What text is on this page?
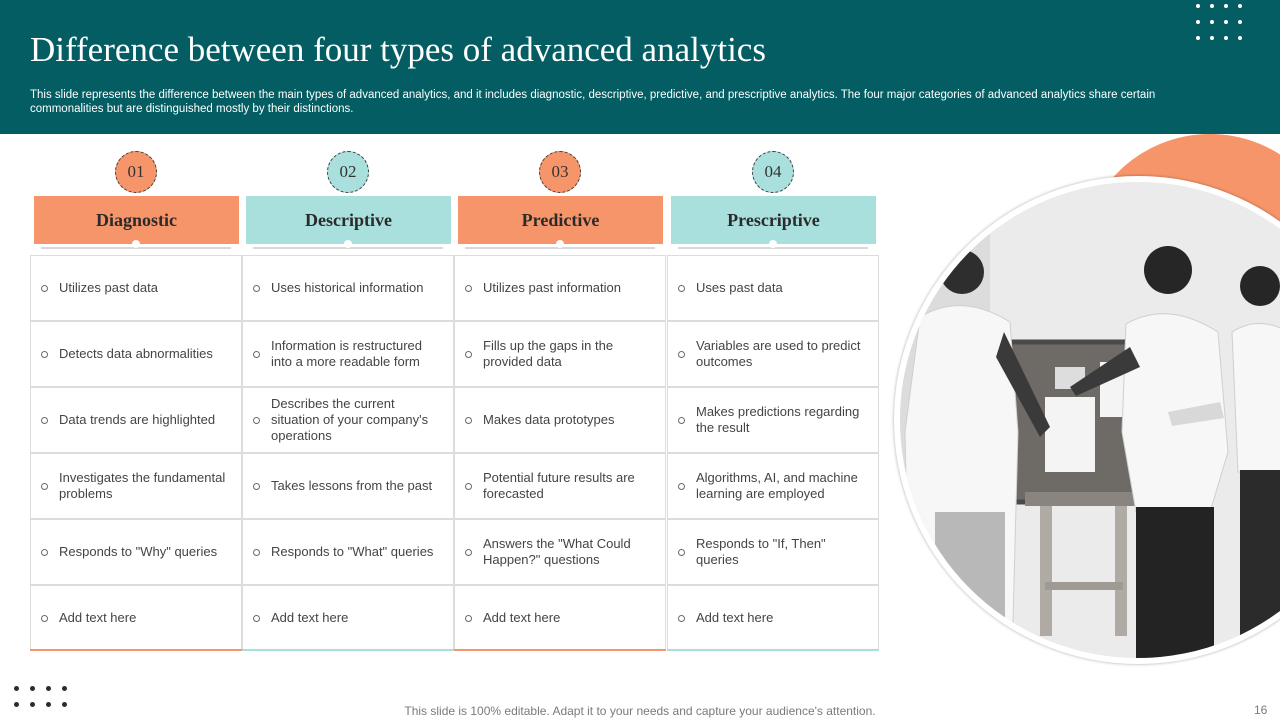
Difference between four types of advanced analytics
This slide represents the difference between the main types of advanced analytics, and it includes diagnostic, descriptive, predictive, and prescriptive analytics. The four major categories of advanced analytics share certain commonalities but are distinguished mostly by their distinctions.
01
Diagnostic
02
Descriptive
03
Predictive
04
Prescriptive
Utilizes past data
Detects data abnormalities
Data trends are highlighted
Investigates the fundamental problems
Responds to "Why" queries
Add text here
Uses historical information
Information is restructured into a more readable form
Describes the current situation of your company's operations
Takes lessons from the past
Responds to "What" queries
Add text here
Utilizes past information
Fills up the gaps in the provided data
Makes data prototypes
Potential future results are forecasted
Answers the "What Could Happen?" questions
Add text here
Uses past data
Variables are used to predict outcomes
Makes predictions regarding the result
Algorithms, AI, and machine learning are employed
Responds to "If, Then" queries
Add text here
This slide is 100% editable. Adapt it to your needs and capture your audience's attention.	16
